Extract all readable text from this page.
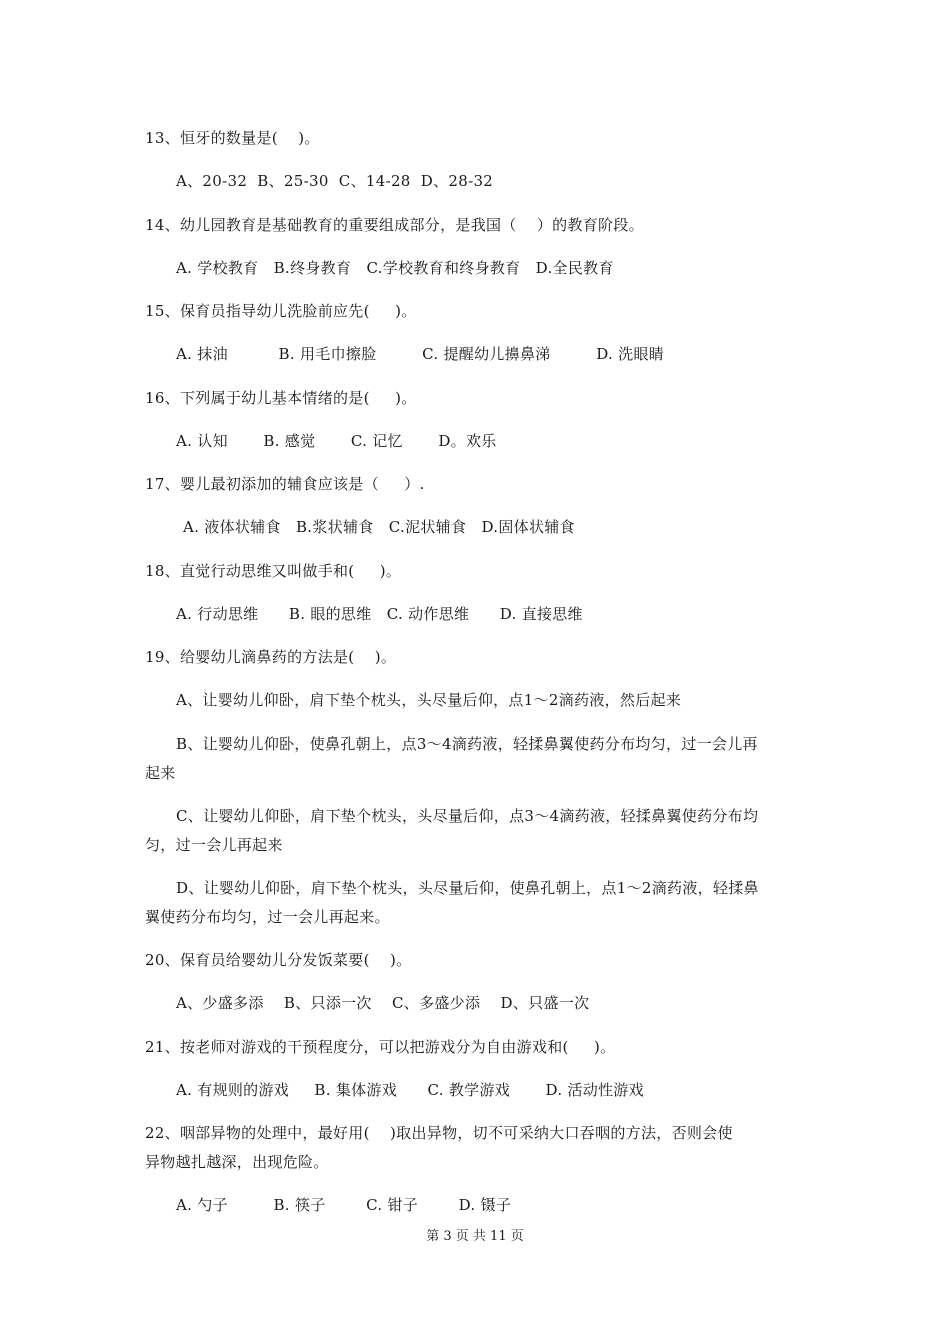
13、恒牙的数量是(    )。
A、20-32  B、25-30  C、14-28  D、28-32
14、幼儿园教育是基础教育的重要组成部分，是我国（    ）的教育阶段。
A. 学校教育   B.终身教育   C.学校教育和终身教育   D.全民教育
15、保育员指导幼儿洗脸前应先(     )。
A. 抹油          B. 用毛巾擦脸         C. 提醒幼儿擤鼻涕         D. 洗眼睛
16、下列属于幼儿基本情绪的是(     )。
A. 认知       B. 感觉       C. 记忆       D。欢乐
17、婴儿最初添加的辅食应该是（     ）.
A. 液体状辅食   B.浆状辅食   C.泥状辅食   D.固体状辅食
18、直觉行动思维又叫做手和(     )。
A. 行动思维      B. 眼的思维   C. 动作思维      D. 直接思维
19、给婴幼儿滴鼻药的方法是(    )。
A、让婴幼儿仰卧，肩下垫个枕头，头尽量后仰，点1～2滴药液，然后起来
B、让婴幼儿仰卧，使鼻孔朝上，点3～4滴药液，轻揉鼻翼使药分布均匀，过一会儿再
起来
C、让婴幼儿仰卧，肩下垫个枕头，头尽量后仰，点3～4滴药液，轻揉鼻翼使药分布均
匀，过一会儿再起来
D、让婴幼儿仰卧，肩下垫个枕头，头尽量后仰，使鼻孔朝上，点1～2滴药液，轻揉鼻
翼使药分布均匀，过一会儿再起来。
20、保育员给婴幼儿分发饭菜要(    )。
A、少盛多添    B、只添一次    C、多盛少添    D、只盛一次
21、按老师对游戏的干预程度分，可以把游戏分为自由游戏和(     )。
A. 有规则的游戏     B. 集体游戏      C. 教学游戏       D. 活动性游戏
22、咽部异物的处理中，最好用(    )取出异物，切不可采纳大口吞咽的方法，否则会使
异物越扎越深，出现危险。
A. 勺子         B. 筷子        C. 钳子        D. 镊子
第 3 页 共 11 页
